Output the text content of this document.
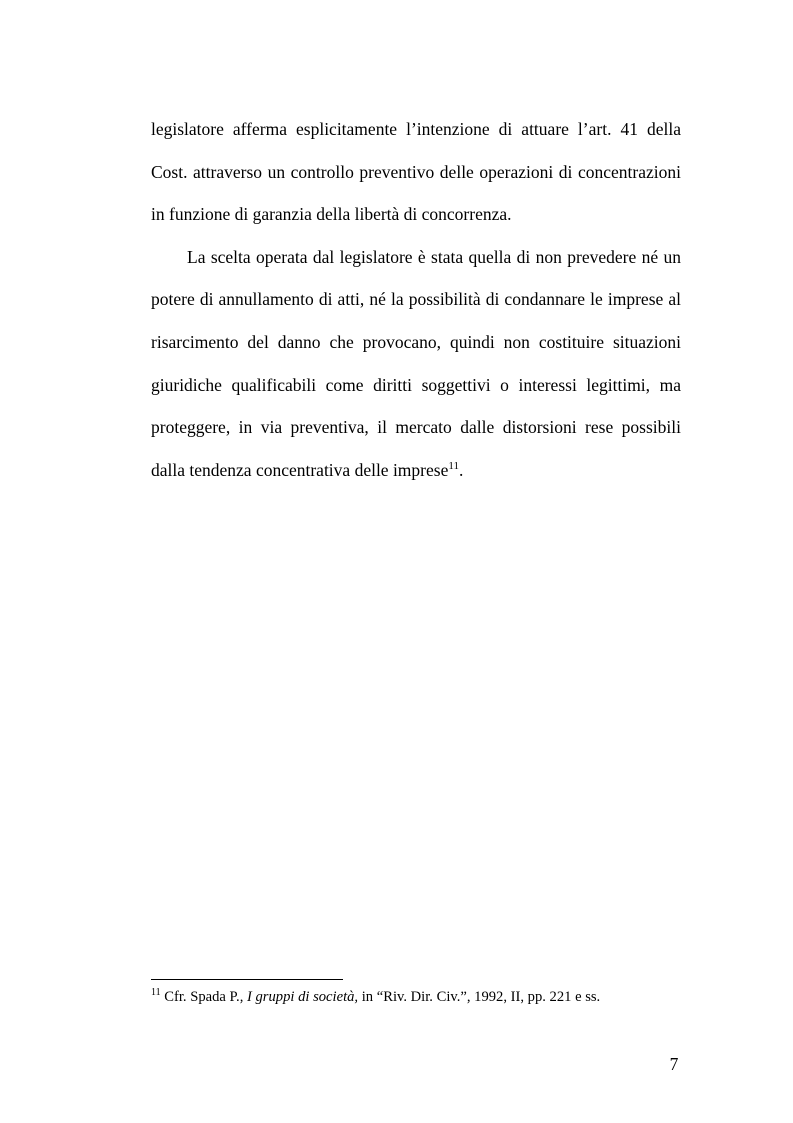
legislatore afferma esplicitamente l’intenzione di attuare l’art. 41 della Cost. attraverso un controllo preventivo delle operazioni di concentrazioni in funzione di garanzia della libertà di concorrenza.

La scelta operata dal legislatore è stata quella di non prevedere né un potere di annullamento di atti, né la possibilità di condannare le imprese al risarcimento del danno che provocano, quindi non costituire situazioni giuridiche qualificabili come diritti soggettivi o interessi legittimi, ma proteggere, in via preventiva, il mercato dalle distorsioni rese possibili dalla tendenza concentrativa delle imprese$^{11}$.

$^{11}$ Cfr. Spada P., I gruppi di società, in “Riv. Dir. Civ.”, 1992, II, pp. 221 e ss.
7
